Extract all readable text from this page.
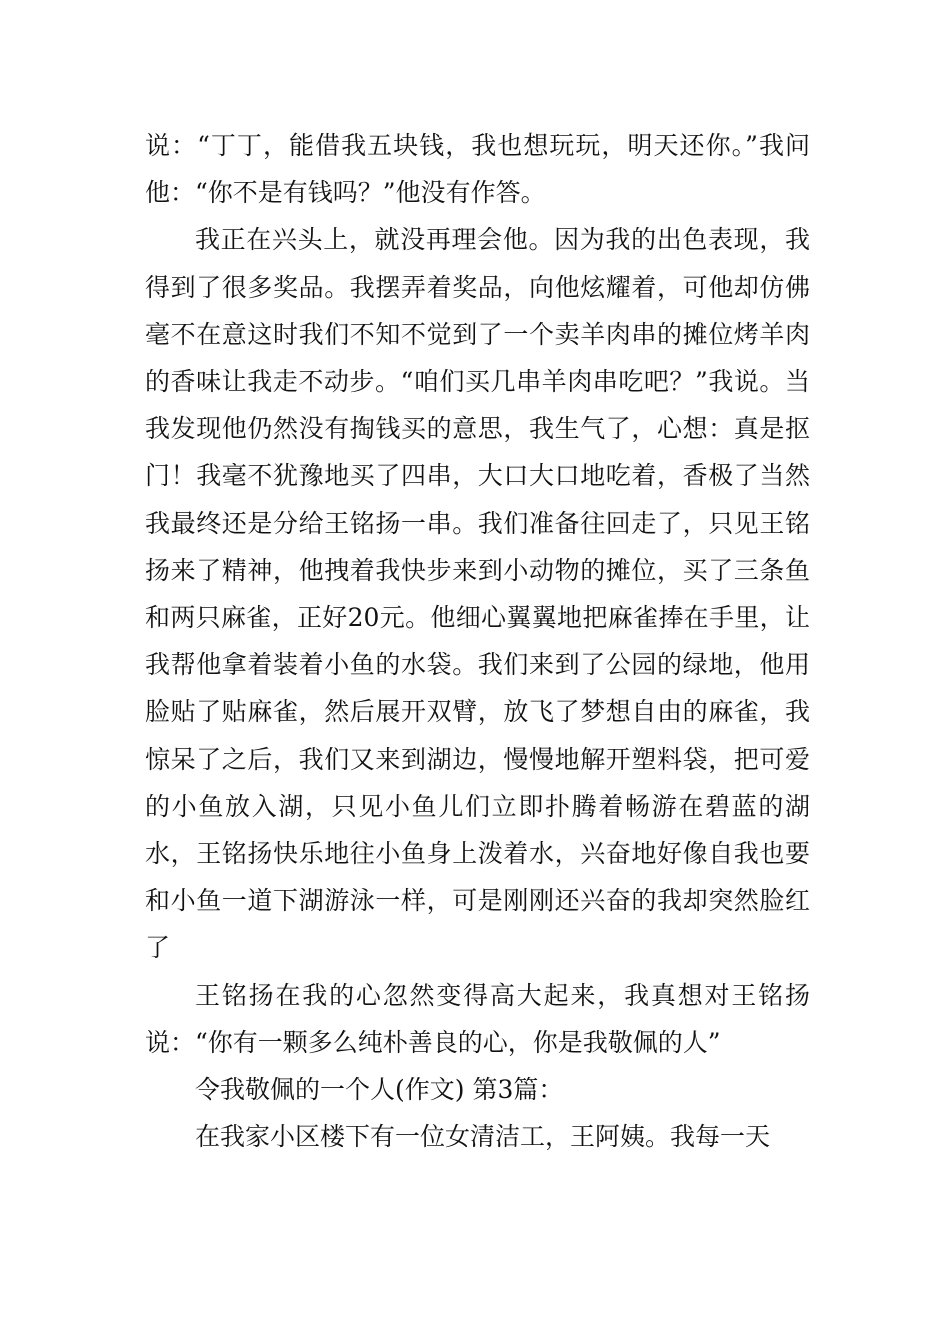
说：“丁丁，能借我五块钱，我也想玩玩，明天还你。”我问他：“你不是有钱吗？”他没有作答。

我正在兴头上，就没再理会他。因为我的出色表现，我得到了很多奖品。我摆弄着奖品，向他炫耀着，可他却仿佛毫不在意这时我们不知不觉到了一个卖羊肉串的摊位烤羊肉的香味让我走不动步。“咱们买几串羊肉串吃吧？”我说。当我发现他仍然没有掏钱买的意思，我生气了，心想：真是抠门！我毫不犹豫地买了四串，大口大口地吃着，香极了当然我最终还是分给王铭扬一串。我们准备往回走了，只见王铭扬来了精神，他拽着我快步来到小动物的摊位，买了三条鱼和两只麻雀，正好20元。他细心翼翼地把麻雀捧在手里，让我帮他拿着装着小鱼的水袋。我们来到了公园的绿地，他用脸贴了贴麻雀，然后展开双臂，放飞了梦想自由的麻雀，我惊呆了之后，我们又来到湖边，慢慢地解开塑料袋，把可爱的小鱼放入湖，只见小鱼儿们立即扑腾着畅游在碧蓝的湖水，王铭扬快乐地往小鱼身上泼着水，兴奋地好像自我也要和小鱼一道下湖游泳一样，可是刚刚还兴奋的我却突然脸红了

王铭扬在我的心忽然变得高大起来，我真想对王铭扬说：“你有一颗多么纯朴善良的心，你是我敬佩的人”

令我敬佩的一个人(作文) 第3篇：

在我家小区楼下有一位女清洁工，王阿姨。我每一天
